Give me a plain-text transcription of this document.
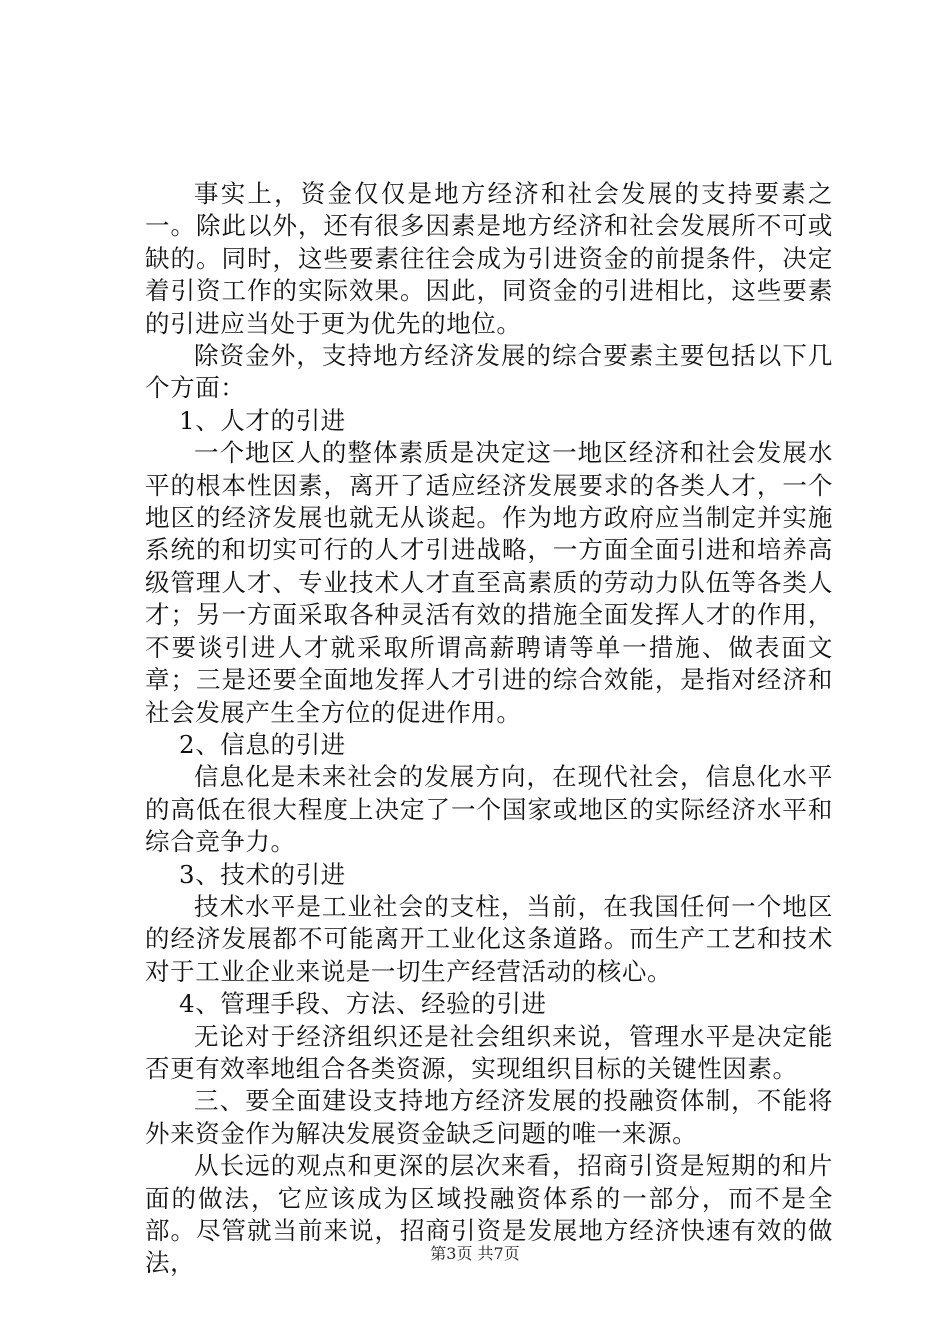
事实上，资金仅仅是地方经济和社会发展的支持要素之一。除此以外，还有很多因素是地方经济和社会发展所不可或缺的。同时，这些要素往往会成为引进资金的前提条件，决定着引资工作的实际效果。因此，同资金的引进相比，这些要素的引进应当处于更为优先的地位。

除资金外，支持地方经济发展的综合要素主要包括以下几个方面：

1、人才的引进

一个地区人的整体素质是决定这一地区经济和社会发展水平的根本性因素，离开了适应经济发展要求的各类人才，一个地区的经济发展也就无从谈起。作为地方政府应当制定并实施系统的和切实可行的人才引进战略，一方面全面引进和培养高级管理人才、专业技术人才直至高素质的劳动力队伍等各类人才；另一方面采取各种灵活有效的措施全面发挥人才的作用，不要谈引进人才就采取所谓高薪聘请等单一措施、做表面文章；三是还要全面地发挥人才引进的综合效能，是指对经济和社会发展产生全方位的促进作用。

2、信息的引进

信息化是未来社会的发展方向，在现代社会，信息化水平的高低在很大程度上决定了一个国家或地区的实际经济水平和综合竞争力。

3、技术的引进

技术水平是工业社会的支柱，当前，在我国任何一个地区的经济发展都不可能离开工业化这条道路。而生产工艺和技术对于工业企业来说是一切生产经营活动的核心。

4、管理手段、方法、经验的引进

无论对于经济组织还是社会组织来说，管理水平是决定能否更有效率地组合各类资源，实现组织目标的关键性因素。

三、要全面建设支持地方经济发展的投融资体制，不能将外来资金作为解决发展资金缺乏问题的唯一来源。

从长远的观点和更深的层次来看，招商引资是短期的和片面的做法，它应该成为区域投融资体系的一部分，而不是全部。尽管就当前来说，招商引资是发展地方经济快速有效的做法，	第3页 共7页
